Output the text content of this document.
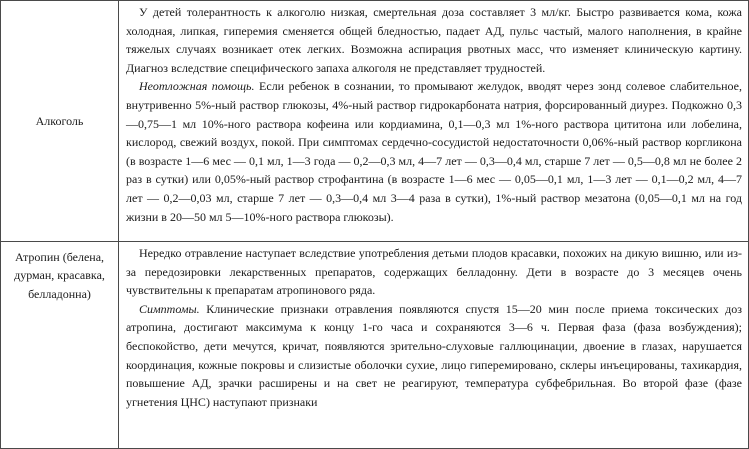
Алкоголь	У детей толерантность к алкоголю низкая, смертельная доза составляет 3 мл/кг. Быстро развивается кома, кожа холодная, липкая, гиперемия сменяется общей бледностью, падает АД, пульс частый, малого наполнения, в крайне тяжелых случаях возникает отек легких. Возможна аспирация рвотных масс, что изменяет клиническую картину. Диагноз вследствие специфического запаха алкоголя не представляет трудностей.

Неотложная помощь. Если ребенок в сознании, то промывают желудок, вводят через зонд солевое слабительное, внутривенно 5%-ный раствор глюкозы, 4%-ный раствор гидрокарбоната натрия, форсированный диурез. Подкожно 0,3—0,75—1 мл 10%-ного раствора кофеина или кордиамина, 0,1—0,3 мл 1%-ного раствора цититона или лобелина, кислород, свежий воздух, покой. При симптомах сердечно-сосудистой недостаточности 0,06%-ный раствор коргликона (в возрасте 1—6 мес — 0,1 мл, 1—3 года — 0,2—0,3 мл, 4—7 лет — 0,3—0,4 мл, старше 7 лет — 0,5—0,8 мл не более 2 раз в сутки) или 0,05%-ный раствор строфантина (в возрасте 1—6 мес — 0,05—0,1 мл, 1—3 лет — 0,1—0,2 мл, 4—7 лет — 0,2—0,03 мл, старше 7 лет — 0,3—0,4 мл 3—4 раза в сутки), 1%-ный раствор мезатона (0,05—0,1 мл на год жизни в 20—50 мл 5—10%-ного раствора глюкозы).

Атропин (белена, дурман, красавка, белладонна)	Нередко отравление наступает вследствие употребления детьми плодов красавки, похожих на дикую вишню, или из-за передозировки лекарственных препаратов, содержащих белладонну. Дети в возрасте до 3 месяцев очень чувствительны к препаратам атропинового ряда.

Симптомы. Клинические признаки отравления появляются спустя 15—20 мин после приема токсических доз атропина, достигают максимума к концу 1-го часа и сохраняются 3—6 ч. Первая фаза (фаза возбуждения); беспокойство, дети мечутся, кричат, появляются зрительно-слуховые галлюцинации, двоение в глазах, нарушается координация, кожные покровы и слизистые оболочки сухие, лицо гиперемировано, склеры инъецированы, тахикардия, повышение АД, зрачки расширены и на свет не реагируют, температура субфебрильная. Во второй фазе (фазе угнетения ЦНС) наступают признаки
